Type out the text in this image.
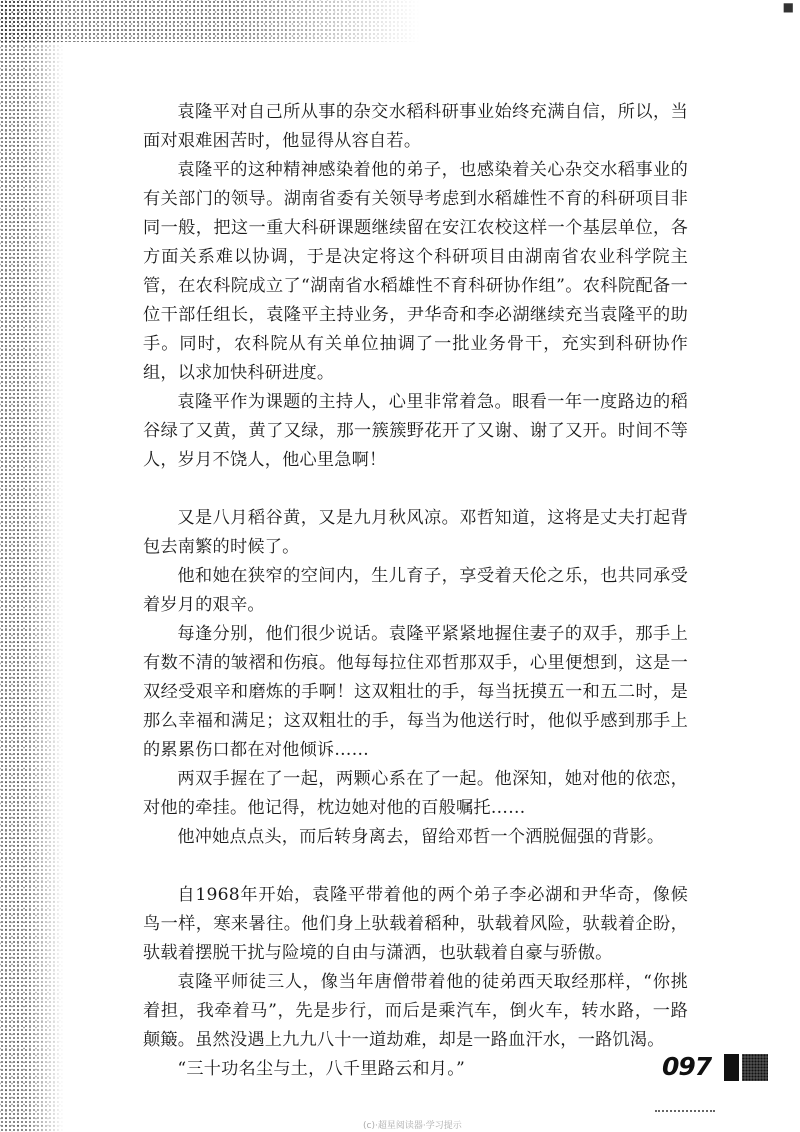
■

袁隆平对自己所从事的杂交水稻科研事业始终充满自信，所以，当面对艰难困苦时，他显得从容自若。

袁隆平的这种精神感染着他的弟子，也感染着关心杂交水稻事业的有关部门的领导。湖南省委有关领导考虑到水稻雄性不育的科研项目非同一般，把这一重大科研课题继续留在安江农校这样一个基层单位，各方面关系难以协调，于是决定将这个科研项目由湖南省农业科学院主管，在农科院成立了“湖南省水稻雄性不育科研协作组”。农科院配备一位干部任组长，袁隆平主持业务，尹华奇和李必湖继续充当袁隆平的助手。同时，农科院从有关单位抽调了一批业务骨干，充实到科研协作组，以求加快科研进度。

袁隆平作为课题的主持人，心里非常着急。眼看一年一度路边的稻谷绿了又黄，黄了又绿，那一簇簇野花开了又谢、谢了又开。时间不等人，岁月不饶人，他心里急啊！

又是八月稻谷黄，又是九月秋风凉。邓哲知道，这将是丈夫打起背包去南繁的时候了。

他和她在狭窄的空间内，生儿育子，享受着天伦之乐，也共同承受着岁月的艰辛。

每逢分别，他们很少说话。袁隆平紧紧地握住妻子的双手，那手上有数不清的皱褶和伤痕。他每每拉住邓哲那双手，心里便想到，这是一双经受艰辛和磨炼的手啊！这双粗壮的手，每当抚摸五一和五二时，是那么幸福和满足；这双粗壮的手，每当为他送行时，他似乎感到那手上的累累伤口都在对他倾诉……

两双手握在了一起，两颗心系在了一起。他深知，她对他的依恋，对他的牵挂。他记得，枕边她对他的百般嘱托……

他冲她点点头，而后转身离去，留给邓哲一个洒脱倔强的背影。

自1968年开始，袁隆平带着他的两个弟子李必湖和尹华奇，像候鸟一样，寒来暑往。他们身上驮载着稻种，驮载着风险，驮载着企盼，驮载着摆脱干扰与险境的自由与潇洒，也驮载着自豪与骄傲。

袁隆平师徒三人，像当年唐僧带着他的徒弟西天取经那样，“你挑着担，我牵着马”，先是步行，而后是乘汽车，倒火车，转水路，一路颠簸。虽然没遇上九九八十一道劫难，却是一路血汗水，一路饥渴。

“三十功名尘与土，八千里路云和月。”	097
(c)·超星阅读器·学习提示
